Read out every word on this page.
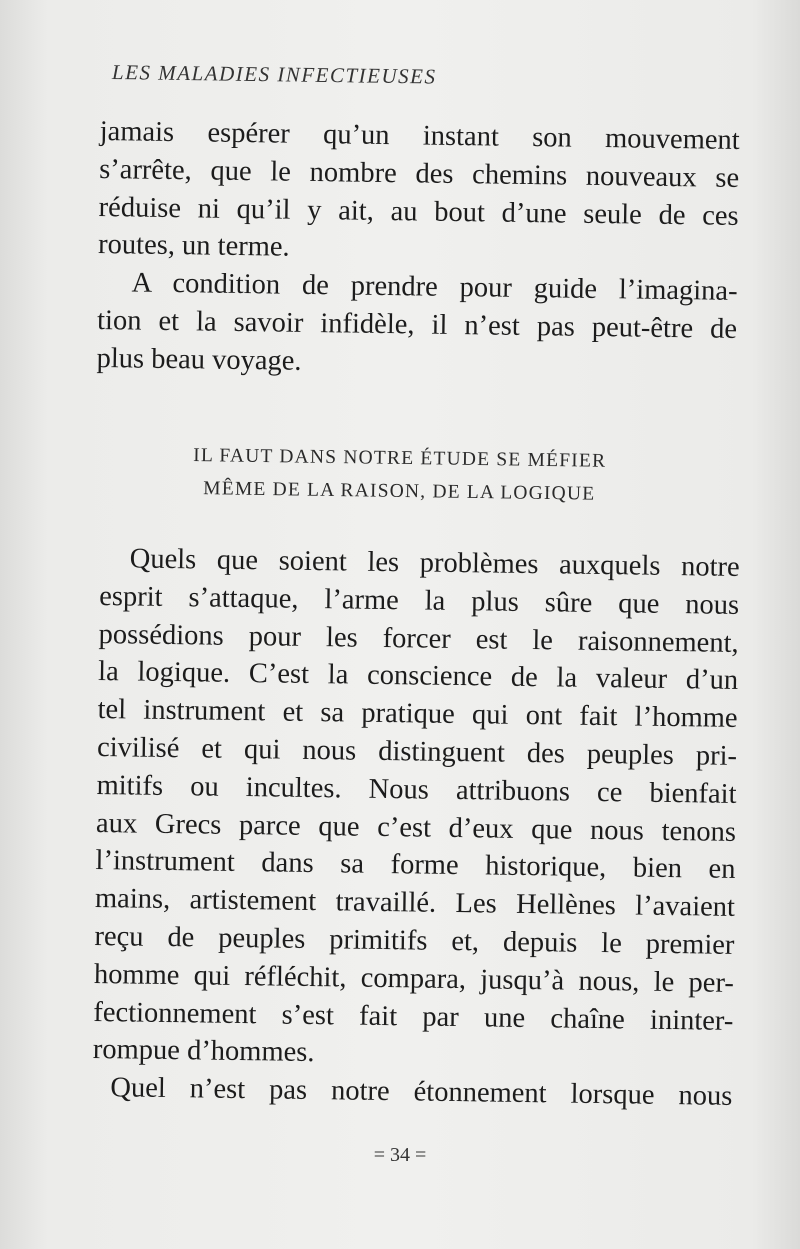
LES MALADIES INFECTIEUSES

jamais espérer qu’un instant son mouvement
s’arrête, que le nombre des chemins nouveaux se
réduise ni qu’il y ait, au bout d’une seule de ces
routes, un terme.

A condition de prendre pour guide l’imagina-
tion et la savoir infidèle, il n’est pas peut-être de
plus beau voyage.

IL FAUT DANS NOTRE ÉTUDE SE MÉFIER
MÊME DE LA RAISON, DE LA LOGIQUE

Quels que soient les problèmes auxquels notre
esprit s’attaque, l’arme la plus sûre que nous
possédions pour les forcer est le raisonnement,
la logique. C’est la conscience de la valeur d’un
tel instrument et sa pratique qui ont fait l’homme
civilisé et qui nous distinguent des peuples pri-
mitifs ou incultes. Nous attribuons ce bienfait
aux Grecs parce que c’est d’eux que nous tenons
l’instrument dans sa forme historique, bien en
mains, artistement travaillé. Les Hellènes l’avaient
reçu de peuples primitifs et, depuis le premier
homme qui réfléchit, compara, jusqu’à nous, le per-
fectionnement s’est fait par une chaîne ininter-
rompue d’hommes.

Quel n’est pas notre étonnement lorsque nous

= 34 =
